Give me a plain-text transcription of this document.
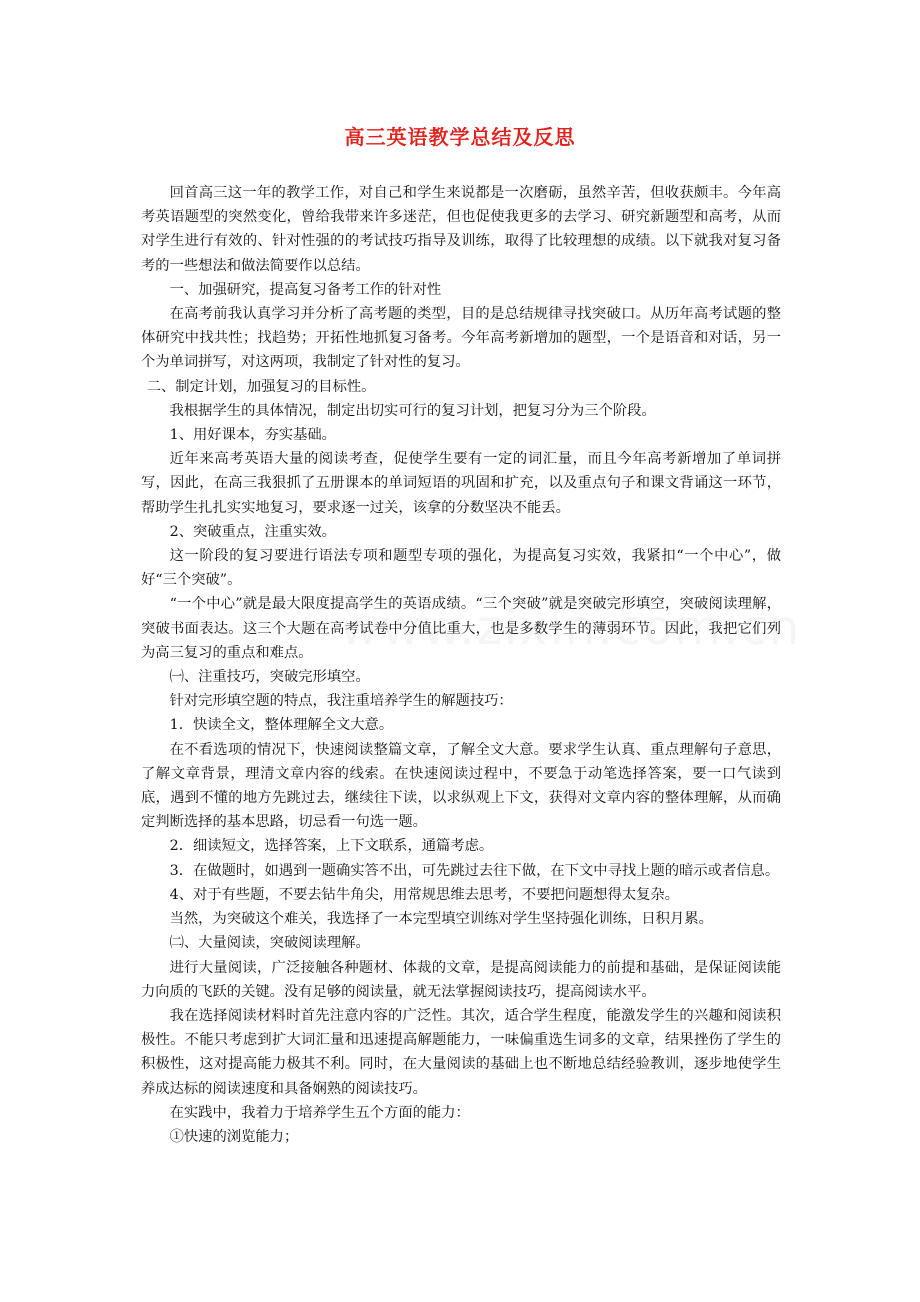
高三英语教学总结及反思

回首高三这一年的教学工作，对自己和学生来说都是一次磨砺，虽然辛苦，但收获颇丰。今年高考英语题型的突然变化，曾给我带来许多迷茫，但也促使我更多的去学习、研究新题型和高考，从而对学生进行有效的、针对性强的的考试技巧指导及训练，取得了比较理想的成绩。以下就我对复习备考的一些想法和做法简要作以总结。

一、加强研究，提高复习备考工作的针对性

在高考前我认真学习并分析了高考题的类型，目的是总结规律寻找突破口。从历年高考试题的整体研究中找共性；找趋势；开拓性地抓复习备考。今年高考新增加的题型，一个是语音和对话，另一个为单词拼写，对这两项，我制定了针对性的复习。

二、制定计划，加强复习的目标性。

我根据学生的具体情况，制定出切实可行的复习计划，把复习分为三个阶段。

1、用好课本，夯实基础。

近年来高考英语大量的阅读考查，促使学生要有一定的词汇量，而且今年高考新增加了单词拼写，因此，在高三我狠抓了五册课本的单词短语的巩固和扩充，以及重点句子和课文背诵这一环节，帮助学生扎扎实实地复习，要求逐一过关，该拿的分数坚决不能丢。

2、突破重点，注重实效。

这一阶段的复习要进行语法专项和题型专项的强化，为提高复习实效，我紧扣“一个中心”，做好“三个突破”。

“一个中心”就是最大限度提高学生的英语成绩。“三个突破”就是突破完形填空，突破阅读理解，突破书面表达。这三个大题在高考试卷中分值比重大，也是多数学生的薄弱环节。因此，我把它们列为高三复习的重点和难点。

㈠、注重技巧，突破完形填空。

针对完形填空题的特点，我注重培养学生的解题技巧：

1．快读全文，整体理解全文大意。

在不看选项的情况下，快速阅读整篇文章，了解全文大意。要求学生认真、重点理解句子意思，了解文章背景，理清文章内容的线索。在快速阅读过程中，不要急于动笔选择答案，要一口气读到底，遇到不懂的地方先跳过去，继续往下读，以求纵观上下文，获得对文章内容的整体理解，从而确定判断选择的基本思路，切忌看一句选一题。

2．细读短文，选择答案，上下文联系，通篇考虑。

3．在做题时，如遇到一题确实答不出，可先跳过去往下做，在下文中寻找上题的暗示或者信息。

4、对于有些题，不要去钻牛角尖，用常规思维去思考，不要把问题想得太复杂。

当然，为突破这个难关，我选择了一本完型填空训练对学生坚持强化训练，日积月累。

㈡、大量阅读，突破阅读理解。

进行大量阅读，广泛接触各种题材、体裁的文章，是提高阅读能力的前提和基础，是保证阅读能力向质的飞跃的关键。没有足够的阅读量，就无法掌握阅读技巧，提高阅读水平。

我在选择阅读材料时首先注意内容的广泛性。其次，适合学生程度，能激发学生的兴趣和阅读积极性。不能只考虑到扩大词汇量和迅速提高解题能力，一味偏重选生词多的文章，结果挫伤了学生的积极性，这对提高能力极其不利。同时，在大量阅读的基础上也不断地总结经验教训，逐步地使学生养成达标的阅读速度和具备娴熟的阅读技巧。

在实践中，我着力于培养学生五个方面的能力：

①快速的浏览能力；
